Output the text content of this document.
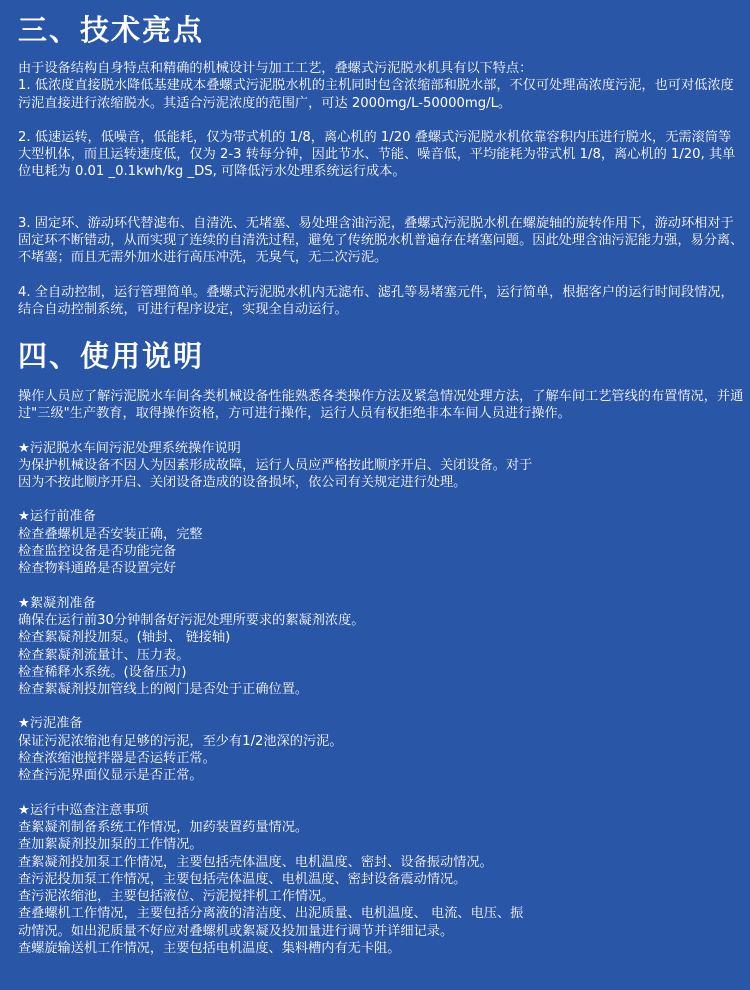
三、技术亮点

由于设备结构自身特点和精确的机械设计与加工工艺，叠螺式污泥脱水机具有以下特点：

1. 低浓度直接脱水降低基建成本叠螺式污泥脱水机的主机同时包含浓缩部和脱水部，不仅可处理高浓度污泥，也可对低浓度污泥直接进行浓缩脱水。其适合污泥浓度的范围广，可达 2000mg/L-50000mg/L。

2. 低速运转，低噪音，低能耗，仅为带式机的 1/8，离心机的 1/20 叠螺式污泥脱水机依靠容积内压进行脱水，无需滚筒等大型机体，而且运转速度低，仅为 2-3 转每分钟，因此节水、节能、噪音低，平均能耗为带式机 1/8，离心机的 1/20, 其单位电耗为 0.01 _0.1kwh/kg _DS, 可降低污水处理系统运行成本。

3. 固定环、游动环代替滤布、自清洗、无堵塞、易处理含油污泥，叠螺式污泥脱水机在螺旋轴的旋转作用下，游动环相对于固定环不断错动，从而实现了连续的自清洗过程，避免了传统脱水机普遍存在堵塞问题。因此处理含油污泥能力强，易分离、不堵塞；而且无需外加水进行高压冲洗，无臭气，无二次污泥。

4. 全自动控制，运行管理简单。叠螺式污泥脱水机内无滤布、滤孔等易堵塞元件，运行简单，根据客户的运行时间段情况，结合自动控制系统，可进行程序设定，实现全自动运行。

四、使用说明

操作人员应了解污泥脱水车间各类机械设备性能熟悉各类操作方法及紧急情况处理方法，了解车间工艺管线的布置情况，并通过"三级"生产教育，取得操作资格，方可进行操作，运行人员有权拒绝非本车间人员进行操作。

★污泥脱水车间污泥处理系统操作说明

为保护机械设备不因人为因素形成故障，运行人员应严格按此顺序开启、关闭设备。对于

因为不按此顺序开启、关闭设备造成的设备损坏，依公司有关规定进行处理。

★运行前准备

检查叠螺机是否安装正确，完整

检查监控设备是否功能完备

检查物料通路是否设置完好

★絮凝剂准备

确保在运行前30分钟制备好污泥处理所要求的絮凝剂浓度。

检查絮凝剂投加泵。(轴封、 链接轴)

检查絮凝剂流量计、压力表。

检查稀释水系统。(设备压力)

检查絮凝剂投加管线上的阀门是否处于正确位置。

★污泥准备

保证污泥浓缩池有足够的污泥，至少有1/2池深的污泥。

检查浓缩池搅拌器是否运转正常。

检查污泥界面仪显示是否正常。

★运行中巡查注意事项

查絮凝剂制备系统工作情况，加药装置药量情况。

查加絮凝剂投加泵的工作情况。

查絮凝剂投加泵工作情况，主要包括壳体温度、电机温度、密封、设备振动情况。

查污泥投加泵工作情况，主要包括壳体温度、电机温度、密封设备震动情况。

查污泥浓缩池，主要包括液位、污泥搅拌机工作情况。

查叠螺机工作情况，主要包括分离液的清洁度、出泥质量、电机温度、 电流、电压、振

动情况。如出泥质量不好应对叠螺机或絮凝及投加量进行调节并详细记录。

查螺旋输送机工作情况，主要包括电机温度、集料槽内有无卡阻。
